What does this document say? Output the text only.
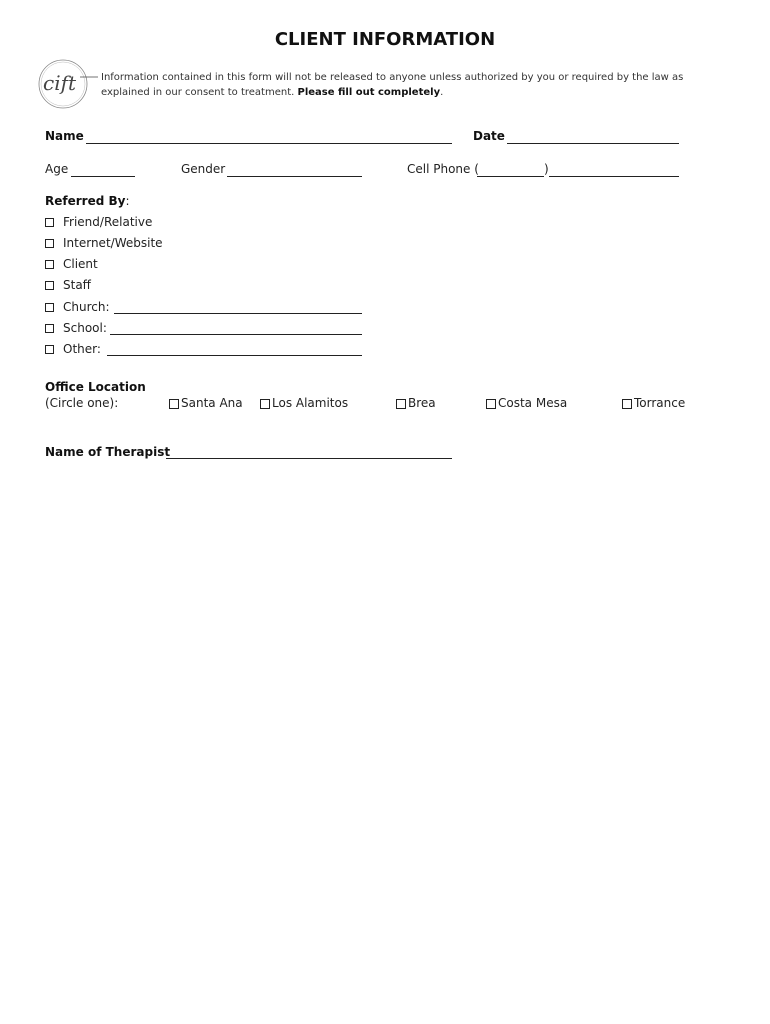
CLIENT INFORMATION
cift Information contained in this form will not be released to anyone unless authorized by you or required by the law as explained in our consent to treatment. Please fill out completely.
Name	Date
Age	Gender	Cell Phone (	)
Referred By:
Friend/Relative
Internet/Website
Client
Staff
Church:
School:
Other:
Office Location
(Circle one):	Santa Ana Los Alamitos	Brea	Costa Mesa	Torrance
Name of Therapist
